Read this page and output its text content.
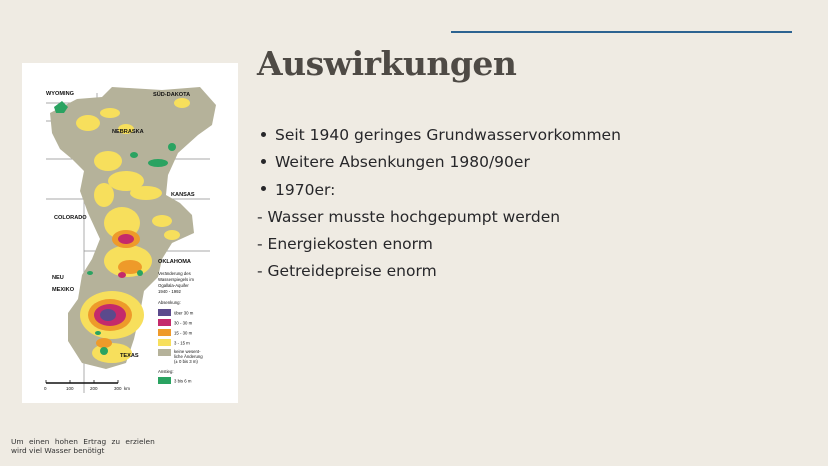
Auswirkungen
Seit 1940 geringes Grundwasservorkommen
Weitere Absenkungen 1980/90er
1970er:
- Wasser musste hochgepumpt werden
- Energiekosten enorm
- Getreidepreise enorm
WYOMING	SÜD-DAKOTA
NEBRASKA
KANSAS
COLORADO
OKLAHOMA
NEU
MEXIKO
TEXAS
Veränderung des
Wasserspiegels im
Ogallala-Aquifer
1940 - 1992
Absenkung:
über 30 m
30 - 30 m
15 - 30 m
3 - 15 m
keine wesent-
liche Änderung
(± 0 bis 3 m)
Anstieg:
3 bis 6 m
0	100	200	300 km
Um einen hohen Ertrag zu erzielen
wird viel Wasser benötigt
